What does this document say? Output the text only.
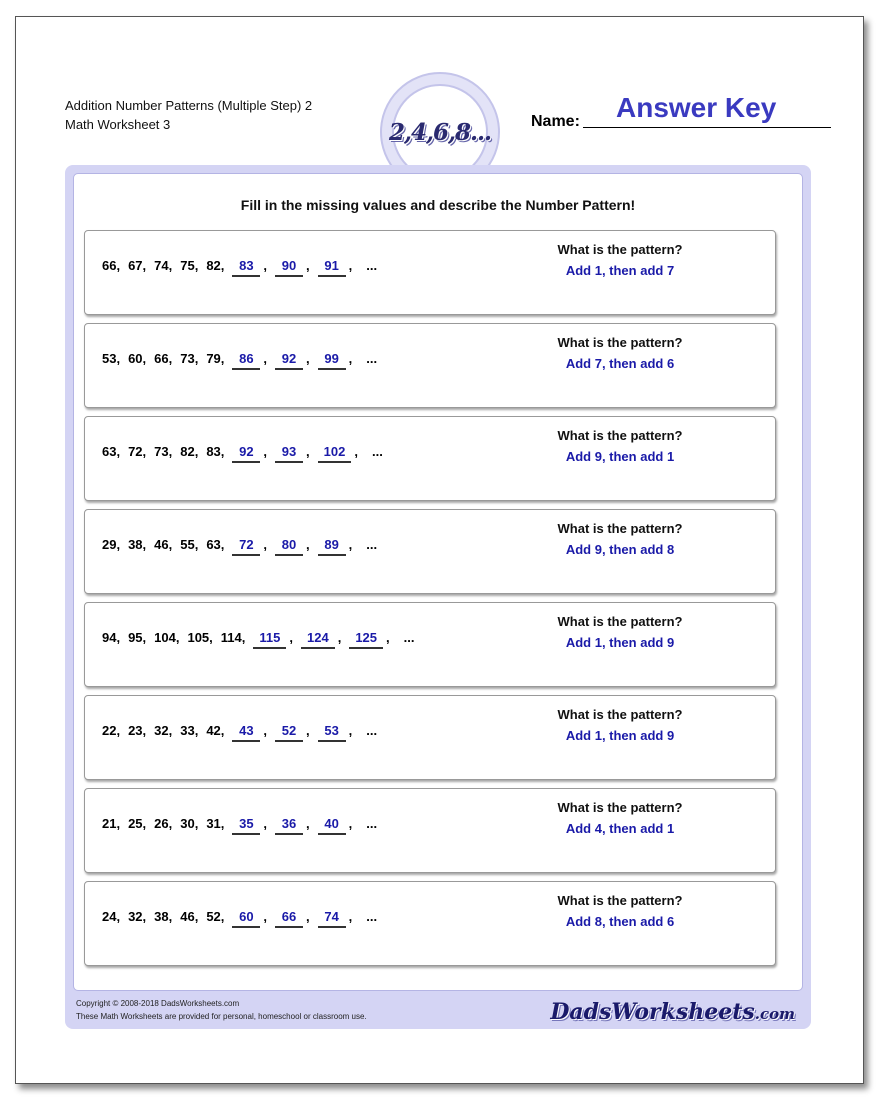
Addition Number Patterns (Multiple Step) 2
Math Worksheet 3	2,4,6,8...
Answer Key
Name:
Fill in the missing values and describe the Number Pattern!
66, 67, 74, 75, 82, 83 , 90 , 91 , ...
What is the pattern?
Add 1, then add 7
53, 60, 66, 73, 79, 86 , 92 , 99 , ...
What is the pattern?
Add 7, then add 6
63, 72, 73, 82, 83, 92 , 93 , 102 , ...
What is the pattern?
Add 9, then add 1
29, 38, 46, 55, 63, 72 , 80 , 89 , ...
What is the pattern?
Add 9, then add 8
94, 95, 104, 105, 114, 115 , 124 , 125 , ...
What is the pattern?
Add 1, then add 9
22, 23, 32, 33, 42, 43 , 52 , 53 , ...
What is the pattern?
Add 1, then add 9
21, 25, 26, 30, 31, 35 , 36 , 40 , ...
What is the pattern?
Add 4, then add 1
24, 32, 38, 46, 52, 60 , 66 , 74 , ...
What is the pattern?
Add 8, then add 6
Copyright © 2008-2018 DadsWorksheets.com
These Math Worksheets are provided for personal, homeschool or classroom use.	DadsWorksheets.com
